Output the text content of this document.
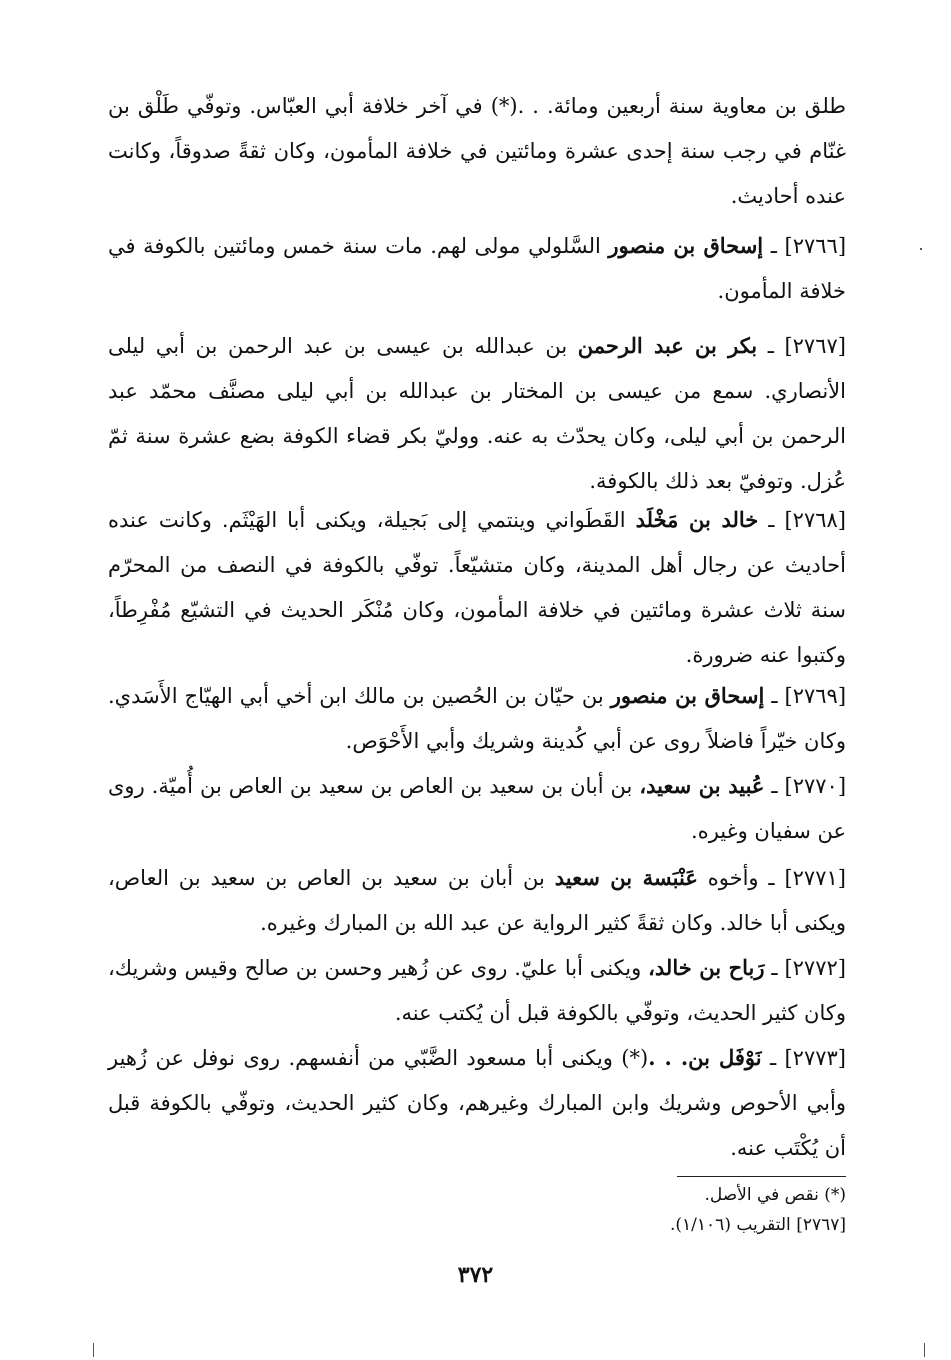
طلق بن معاوية سنة أربعين ومائة. . .(*) في آخر خلافة أبي العبّاس. وتوفّي طَلْق بن غنّام في رجب سنة إحدى عشرة ومائتين في خلافة المأمون، وكان ثقةً صدوقاً، وكانت عنده أحاديث.
[٢٧٦٦] ـ إسحاق بن منصور السَّلولي مولى لهم. مات سنة خمس ومائتين بالكوفة في خلافة المأمون.
[٢٧٦٧] ـ بكر بن عبد الرحمن بن عبدالله بن عيسى بن عبد الرحمن بن أبي ليلى الأنصاري. سمع من عيسى بن المختار بن عبدالله بن أبي ليلى مصنَّف محمّد عبد الرحمن بن أبي ليلى، وكان يحدّث به عنه. ووليّ بكر قضاء الكوفة بضع عشرة سنة ثمّ عُزل. وتوفيّ بعد ذلك بالكوفة.
[٢٧٦٨] ـ خالد بن مَخْلَد القَطَواني وينتمي إلى بَجيلة، ويكنى أبا الهَيْثَم. وكانت عنده أحاديث عن رجال أهل المدينة، وكان متشيّعاً. توفّي بالكوفة في النصف من المحرّم سنة ثلاث عشرة ومائتين في خلافة المأمون، وكان مُنْكَر الحديث في التشيّع مُفْرِطاً، وكتبوا عنه ضرورة.
[٢٧٦٩] ـ إسحاق بن منصور بن حيّان بن الحُصين بن مالك ابن أخي أبي الهيّاج الأَسَدي. وكان خيّراً فاضلاً روى عن أبي كُدينة وشريك وأبي الأَحْوَص.
[٢٧٧٠] ـ عُبيد بن سعيد، بن أبان بن سعيد بن العاص بن سعيد بن العاص بن أُميّة. روى عن سفيان وغيره.
[٢٧٧١] ـ وأخوه عَنْبَسة بن سعيد بن أبان بن سعيد بن العاص بن سعيد بن العاص، ويكنى أبا خالد. وكان ثقةً كثير الرواية عن عبد الله بن المبارك وغيره.
[٢٧٧٢] ـ رَباح بن خالد، ويكنى أبا عليّ. روى عن زُهير وحسن بن صالح وقيس وشريك، وكان كثير الحديث، وتوفّي بالكوفة قبل أن يُكتب عنه.
[٢٧٧٣] ـ نَوْفَل بن. . .(*) ويكنى أبا مسعود الضَّبّي من أنفسهم. روى نوفل عن زُهير وأبي الأحوص وشريك وابن المبارك وغيرهم، وكان كثير الحديث، وتوفّي بالكوفة قبل أن يُكْتَب عنه.
(*) نقص في الأصل.
[٢٧٦٧] التقريب (١/١٠٦).
٣٧٢
